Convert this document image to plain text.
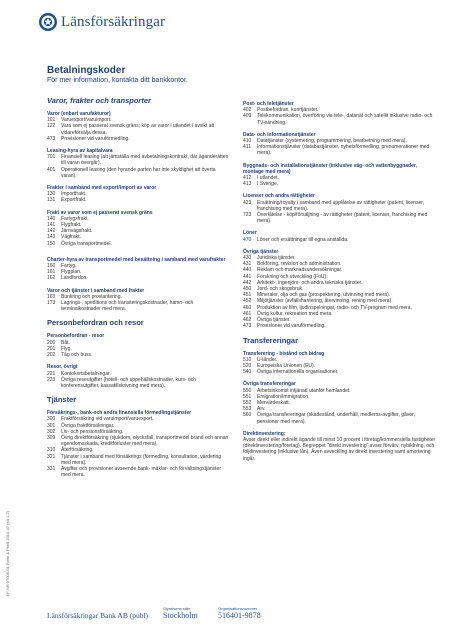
Länsförsäkringar
Betalningskoder

För mer information, kontakta ditt bankkontor.

Varor, frakter och transporter
Varor (enbart varufakturor)
101	Varuexport/varuimport.
122	Vara som ej passerat svensk gräns; köp av varor i utlandet i avsikt att vidareförsälja dessa.
473	Provisioner vid varuförmedling.
Leasing-hyra av kapitalvara
701	Finansiell leasing (att jämställa med avbetalningskontrakt, där äganderätten till varan övergår).
401	Operationell leasing (den hyrande parten har inte skyldighet att överta varan).
Frakter i samband med export/import av varor
130	Importfrakt.
131	Exportfrakt.
Frakt av varor som ej passerat svensk gräns
140	Fartygsfrakt.
141	Flygfrakt.
142	Järnvägsfrakt.
143	Vägfrakt.
150	Övriga transportmedel.
Charter-hyra av transportmedel med besättning i samband med varufrakter
160	Fartyg.
161	Flygplan.
162	Landfordon.
Varor och tjänster i samband med frakter
163	Bunkring och proviantering.
173	Lagrings-, speditions och transiteringskostnader, hamn- och terminalkostnader med mera.
Personbefordran och resor
Personbefordran - resor
200	Båt.
201	Flyg.
202	Tåg och buss.
Resor, övrigt
221	Kontokortsbetalningar.
223	Övriga reseutgifter (hotell- och uppehällskostnader, kurs- och konferensutgifter, kassatillskrivning med mera).
Tjänster
Försäkrings-, bank-och andra finansiella förmedlingstjänster
300	Fraktförsäkring vid varuimport/varuexport.
301	Övriga fraktförsäkringar.
302	Liv- och pensionsförsäkring.
309	Övrig direktförsäkring (sjukdom, olycksfall, transportmedel brand och annan egendomsskada, kreditförluster med mera).
310	Återförsäkring.
321	Tjänster i samband med fönsäkrings (förmedling, konsultation, värdering med mera).
331	Avgifter och provisioner avseende bank- mäklar- och förvaltningstjänster med mera.
Post- och teletjänster
402	Postbefordran, kurirtjänster.
409	Telekommunikation, överföring via tele-, datanät och satellit inklusive radio- och TV-sändning.
Data- och informationstjänster
410	Datatjänster (systemering, programmering, bearbetning med mera).
411	Informationstjänster (databastjänster, nyhetsförmedling, prenumerationer med mera).
Byggnads- och installationstjänster (inklusive väg- och vattenbyggnader, montage med mera)
412	I utlandet.
413	I Sverige.
Licenser och andra rättigheter
423	Ersättning/royalty i samband med upplåtelse av rättigheter (patent, licenser, franchising med mera).
723	Överlåtelse - köp/försäljning - av rättigheter (patent, licenser, franchising med mera).
Löner
470	Löner och ersättningar till egna anställda.
Övriga tjänster
430	Juridiska tjänster.
431	Bokföring, revision och administration.
440	Reklam och marknadsundersökningar.
441	Forskning och utveckling (FoU).
442	Arkitekt-, ingenjörs- och andra tekniska tjänster.
450	Jord- och skogsbruk.
451	Mineraler, olja och gas (prospektering, utvinning med mera).
452	Miljötjänster (avfallshantering, återvinning, rening med mera).
460	Produktion av film, ljudinspelningar, radio- och TV-program med mera.
461	Övrig kultur, rekreation med mera.
462	Övriga tjänster.
473	Provisioner vid varuförmedling.
Transfereringar
Transferering - bistånd och bidrag
510	U-länder.
520	Europeiska Unionen (EU).
540	Övriga internationella organisationer.
Övriga transfereringar
550	Arbetsinkomst intjänad utanför hemlandet.
551	Emigration/immigration.
552	Mervärdeskatt.
553	Arv.
560	Övriga transfereringar (skadestånd, underhåll, medlems-avgifter, gåvor, pensioner med mera).
Direktinvestering:
Avser direkt eller indirekt ägande till minst 10 procent i företag/kommersiella fastigheter (direktinvestering/företag). Begreppet "direkt investering" avser förvärv, nybildning, och följdinvestering (inklusive lån). Även avveckling av direkt investering samt amortering ingår.
LF-NR 57006-01 Form & Profil 2010-07 (ed 1.2)
Länsförsäkringar Bank AB (publ)
Styrelsens säte
Stockholm
Organisationsnummer
516401-9878
